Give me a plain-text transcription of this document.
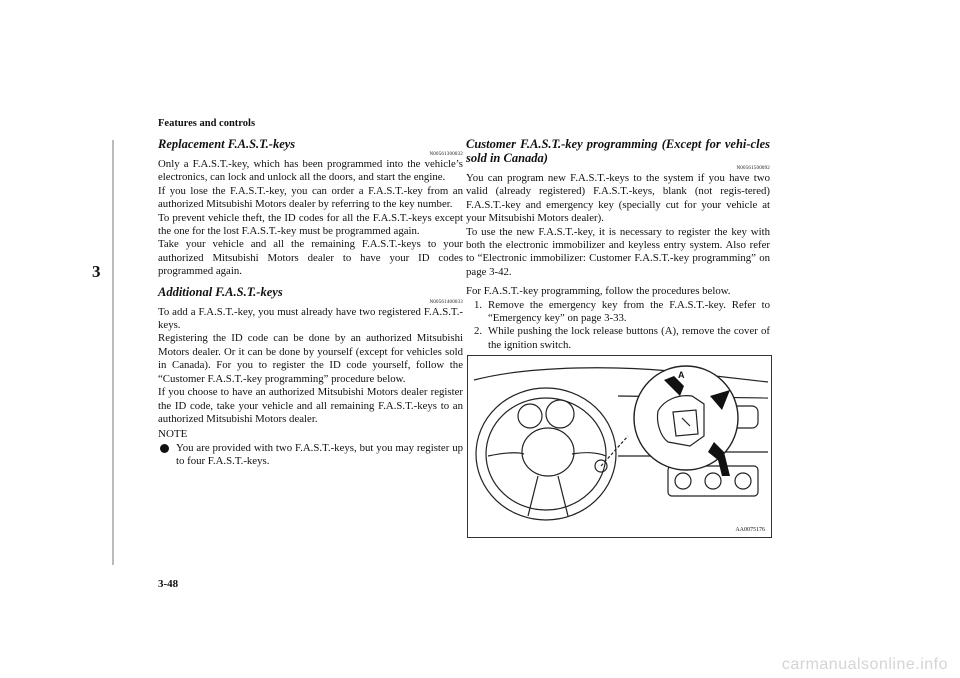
Features and controls
3
Replacement F.A.S.T.-keys
N00561300032

Only a F.A.S.T.-key, which has been programmed into the vehicle’s electronics, can lock and unlock all the doors, and start the engine.

If you lose the F.A.S.T.-key, you can order a F.A.S.T.-key from an authorized Mitsubishi Motors dealer by referring to the key number.

To prevent vehicle theft, the ID codes for all the F.A.S.T.-keys except the one for the lost F.A.S.T.-key must be programmed again.

Take your vehicle and all the remaining F.A.S.T.-keys to your authorized Mitsubishi Motors dealer to have your ID codes programmed again.

Additional F.A.S.T.-keys
N00561400033

To add a F.A.S.T.-key, you must already have two registered F.A.S.T.-keys.

Registering the ID code can be done by an authorized Mitsubishi Motors dealer. Or it can be done by yourself (except for vehicles sold in Canada). For you to register the ID code yourself, follow the “Customer F.A.S.T.-key programming” procedure below.

If you choose to have an authorized Mitsubishi Motors dealer register the ID code, take your vehicle and all remaining F.A.S.T.-keys to an authorized Mitsubishi Motors dealer.

NOTE
You are provided with two F.A.S.T.-keys, but you may register up to four F.A.S.T.-keys.
Customer F.A.S.T.-key programming (Except for vehi-cles sold in Canada)
N00561500092

You can program new F.A.S.T.-keys to the system if you have two valid (already registered) F.A.S.T.-keys, blank (not regis-tered) F.A.S.T.-key and emergency key (specially cut for your vehicle at your Mitsubishi Motors dealer).

To use the new F.A.S.T.-key, it is necessary to register the key with both the electronic immobilizer and keyless entry system. Also refer to “Electronic immobilizer: Customer F.A.S.T.-key programming” on page 3-42.

For F.A.S.T.-key programming, follow the procedures below.

1. Remove the emergency key from the F.A.S.T.-key. Refer to “Emergency key” on page 3-33.
2. While pushing the lock release buttons (A), remove the cover of the ignition switch.
A
AA0075176
3-48
carmanualsonline.info
